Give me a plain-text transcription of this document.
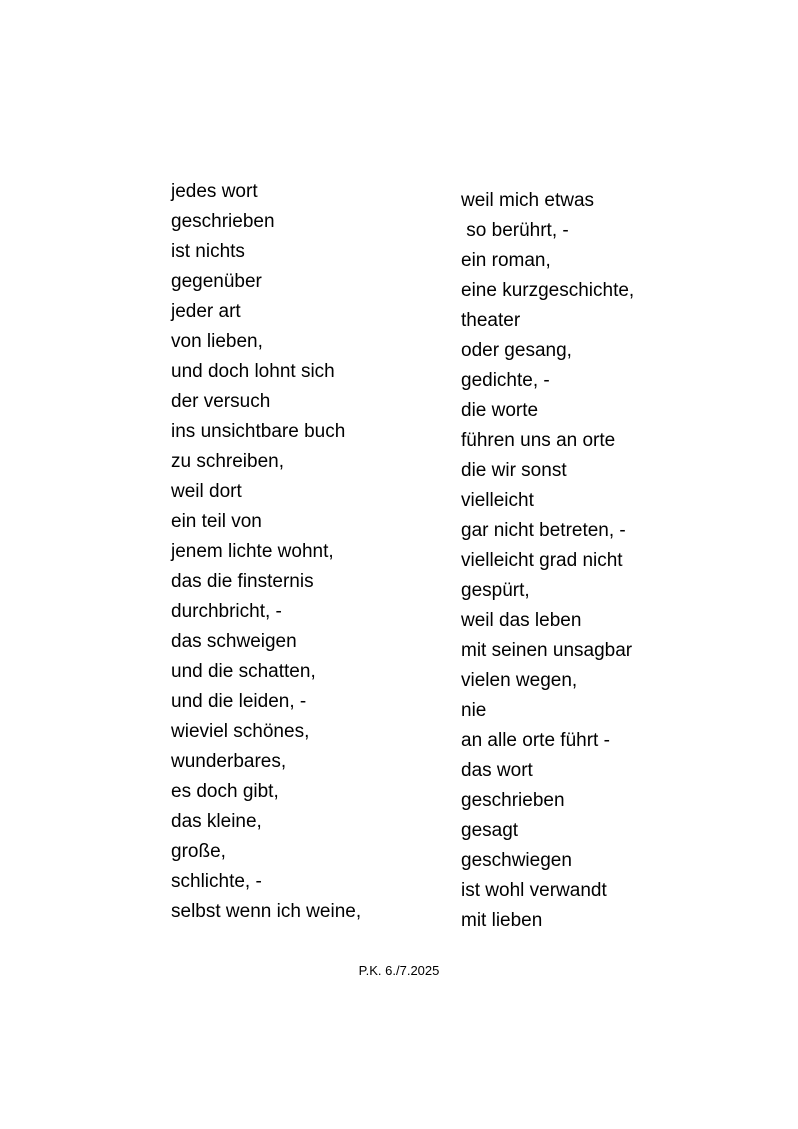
jedes wort
geschrieben
ist nichts
gegenüber
jeder art
von lieben,
und doch lohnt sich
der versuch
ins unsichtbare buch
zu schreiben,
weil dort
ein teil von
jenem lichte wohnt,
das die finsternis
durchbricht, -
das schweigen
und die schatten,
und die leiden, -
wieviel schönes,
wunderbares,
es doch gibt,
das kleine,
große,
schlichte, -
selbst wenn ich weine,
weil mich etwas
so berührt, -
ein roman,
eine kurzgeschichte,
theater
oder gesang,
gedichte, -
die worte
führen uns an orte
die wir sonst
vielleicht
gar nicht betreten, -
vielleicht grad nicht
gespürt,
weil das leben
mit seinen unsagbar
vielen wegen,
nie
an alle orte führt -
das wort
geschrieben
gesagt
geschwiegen
ist wohl verwandt
mit lieben
P.K. 6./7.2025
